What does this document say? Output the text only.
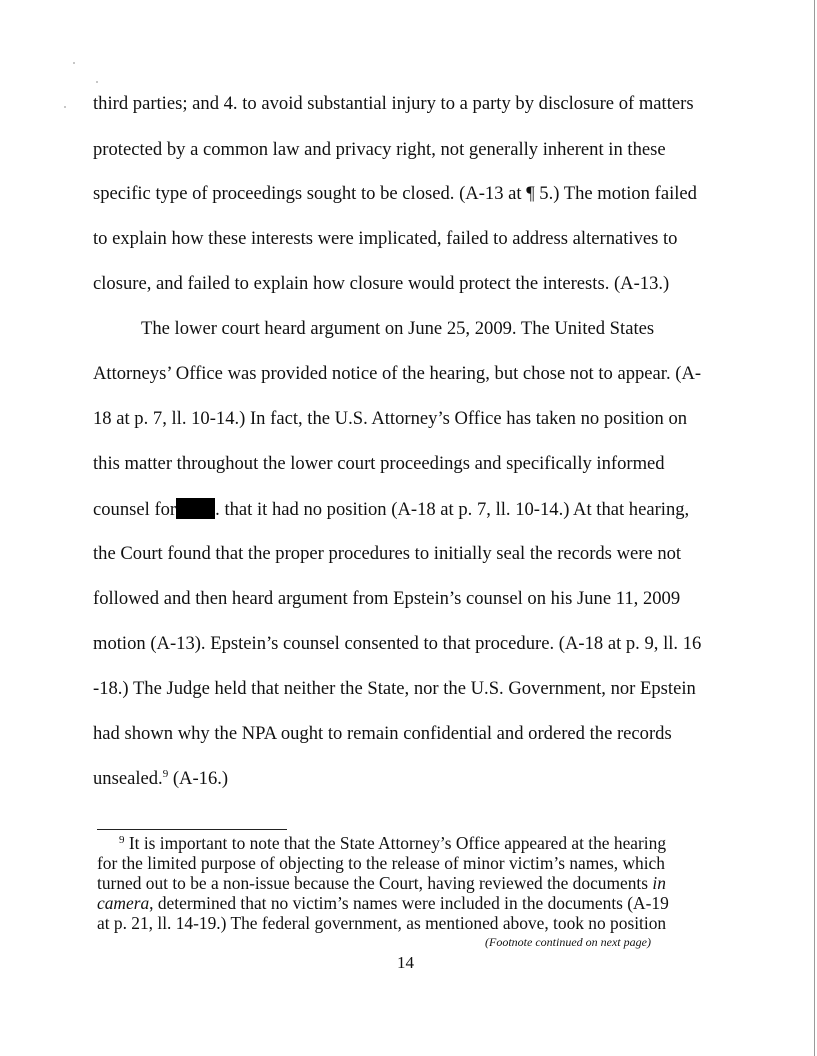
third parties; and 4. to avoid substantial injury to a party by disclosure of matters
protected by a common law and privacy right, not generally inherent in these
specific type of proceedings sought to be closed. (A-13 at ¶ 5.) The motion failed
to explain how these interests were implicated, failed to address alternatives to
closure, and failed to explain how closure would protect the interests. (A-13.)
The lower court heard argument on June 25, 2009. The United States
Attorneys’ Office was provided notice of the hearing, but chose not to appear. (A-
18 at p. 7, ll. 10-14.) In fact, the U.S. Attorney’s Office has taken no position on
this matter throughout the lower court proceedings and specifically informed
counsel for . that it had no position (A-18 at p. 7, ll. 10-14.) At that hearing,
the Court found that the proper procedures to initially seal the records were not
followed and then heard argument from Epstein’s counsel on his June 11, 2009
motion (A-13). Epstein’s counsel consented to that procedure. (A-18 at p. 9, ll. 16
-18.) The Judge held that neither the State, nor the U.S. Government, nor Epstein
had shown why the NPA ought to remain confidential and ordered the records
unsealed.$^9$ (A-16.)
$^9$ It is important to note that the State Attorney’s Office appeared at the hearing
for the limited purpose of objecting to the release of minor victim’s names, which
turned out to be a non-issue because the Court, having reviewed the documents in
camera, determined that no victim’s names were included in the documents (A-19
at p. 21, ll. 14-19.) The federal government, as mentioned above, took no position
(Footnote continued on next page)
14
